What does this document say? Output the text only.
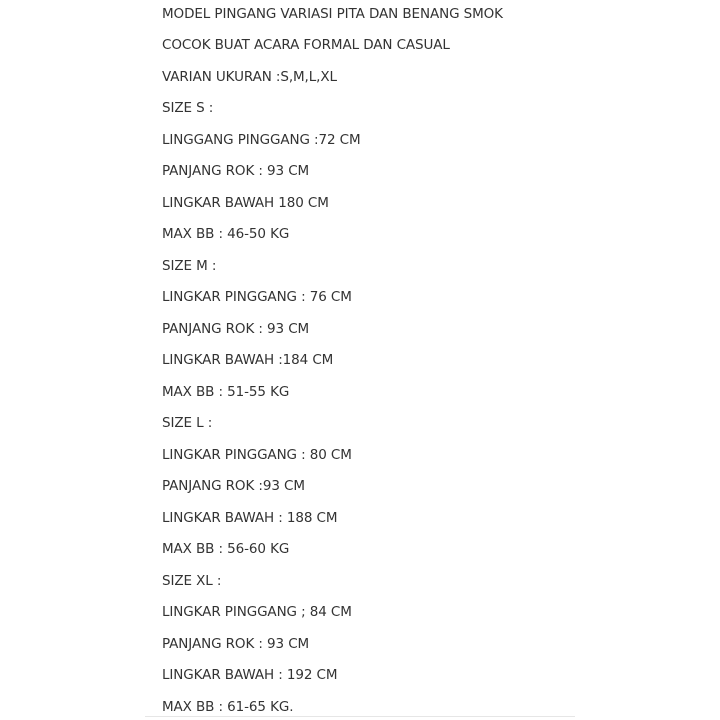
MODEL PINGANG VARIASI PITA DAN BENANG SMOK
COCOK BUAT ACARA FORMAL DAN CASUAL
VARIAN UKURAN :S,M,L,XL
SIZE S :
LINGGANG PINGGANG :72 CM
PANJANG ROK : 93 CM
LINGKAR BAWAH 180 CM
MAX BB : 46-50 KG
SIZE M :
LINGKAR PINGGANG : 76 CM
PANJANG ROK : 93 CM
LINGKAR BAWAH :184 CM
MAX BB : 51-55 KG
SIZE L :
LINGKAR PINGGANG : 80 CM
PANJANG ROK :93 CM
LINGKAR BAWAH : 188 CM
MAX BB : 56-60 KG
SIZE XL :
LINGKAR PINGGANG ; 84 CM
PANJANG ROK : 93 CM
LINGKAR BAWAH : 192 CM
MAX BB : 61-65 KG.
